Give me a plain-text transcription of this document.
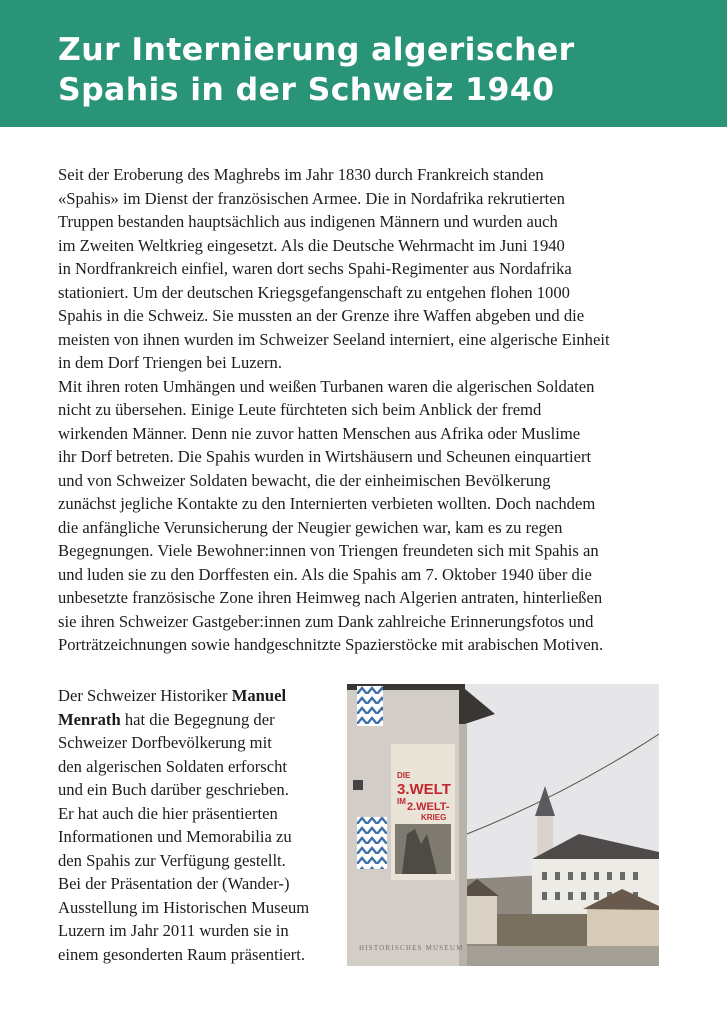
Zur Internierung algerischer
Spahis in der Schweiz 1940

Seit der Eroberung des Maghrebs im Jahr 1830 durch Frankreich standen
«Spahis» im Dienst der französischen Armee. Die in Nordafrika rekrutierten
Truppen bestanden hauptsächlich aus indigenen Männern und wurden auch
im Zweiten Weltkrieg eingesetzt. Als die Deutsche Wehrmacht im Juni 1940
in Nordfrankreich einfiel, waren dort sechs Spahi-Regimenter aus Nordafrika
stationiert. Um der deutschen Kriegsgefangenschaft zu entgehen flohen 1000
Spahis in die Schweiz. Sie mussten an der Grenze ihre Waffen abgeben und die
meisten von ihnen wurden im Schweizer Seeland interniert, eine algerische Einheit
in dem Dorf Triengen bei Luzern.

Mit ihren roten Umhängen und weißen Turbanen waren die algerischen Soldaten
nicht zu übersehen. Einige Leute fürchteten sich beim Anblick der fremd
wirkenden Männer. Denn nie zuvor hatten Menschen aus Afrika oder Muslime
ihr Dorf betreten. Die Spahis wurden in Wirtshäusern und Scheunen einquartiert
und von Schweizer Soldaten bewacht, die der einheimischen Bevölkerung
zunächst jegliche Kontakte zu den Internierten verbieten wollten. Doch nachdem
die anfängliche Verunsicherung der Neugier gewichen war, kam es zu regen
Begegnungen. Viele Bewohner:innen von Triengen freundeten sich mit Spahis an
und luden sie zu den Dorffesten ein. Als die Spahis am 7. Oktober 1940 über die
unbesetzte französische Zone ihren Heimweg nach Algerien antraten, hinterließen
sie ihren Schweizer Gastgeber:innen zum Dank zahlreiche Erinnerungsfotos und
Porträtzeichnungen sowie handgeschnitzte Spazierstöcke mit arabischen Motiven.

Der Schweizer Historiker Manuel
Menrath hat die Begegnung der
Schweizer Dorfbevölkerung mit
den algerischen Soldaten erforscht
und ein Buch darüber geschrieben.
Er hat auch die hier präsentierten
Informationen und Memorabilia zu
den Spahis zur Verfügung gestellt.
Bei der Präsentation der (Wander-)
Ausstellung im Historischen Museum
Luzern im Jahr 2011 wurden sie in
einem gesonderten Raum präsentiert.
DIE
3.WELT
IM 2.WELT-
KRIEG
HISTORISCHES MUSEUM
